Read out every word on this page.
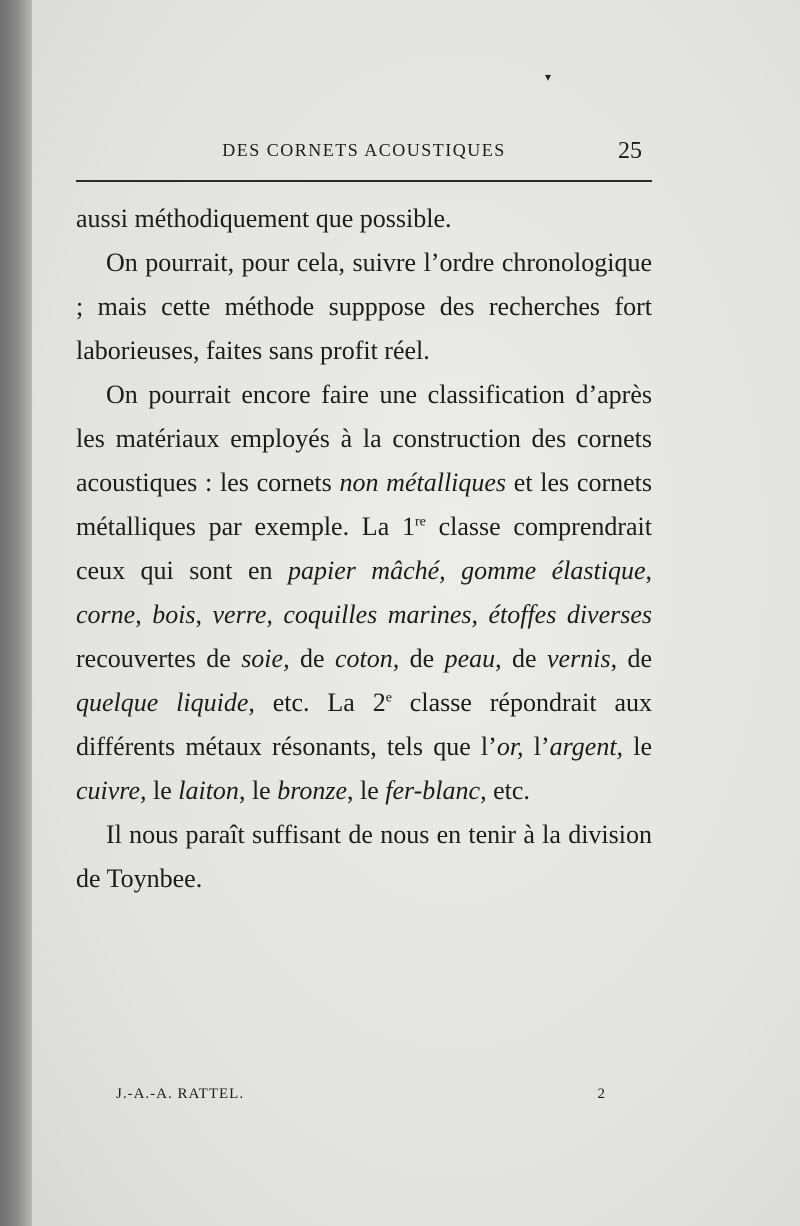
▾
DES CORNETS ACOUSTIQUES	25

aussi méthodiquement que possible.

On pourrait, pour cela, suivre l’ordre chronologique ; mais cette méthode supppose des recherches fort laborieuses, faites sans profit réel.

On pourrait encore faire une classification d’après les matériaux employés à la construction des cornets acoustiques : les cornets non métalliques et les cornets métalliques par exemple. La 1re classe comprendrait ceux qui sont en papier mâché, gomme élastique, corne, bois, verre, coquilles marines, étoffes diverses recouvertes de soie, de coton, de peau, de vernis, de quelque liquide, etc. La 2e classe répondrait aux différents métaux résonants, tels que l’or, l’argent, le cuivre, le laiton, le bronze, le fer-blanc, etc.

Il nous paraît suffisant de nous en tenir à la division de Toynbee.

J.-A.-A. RATTEL.	2
